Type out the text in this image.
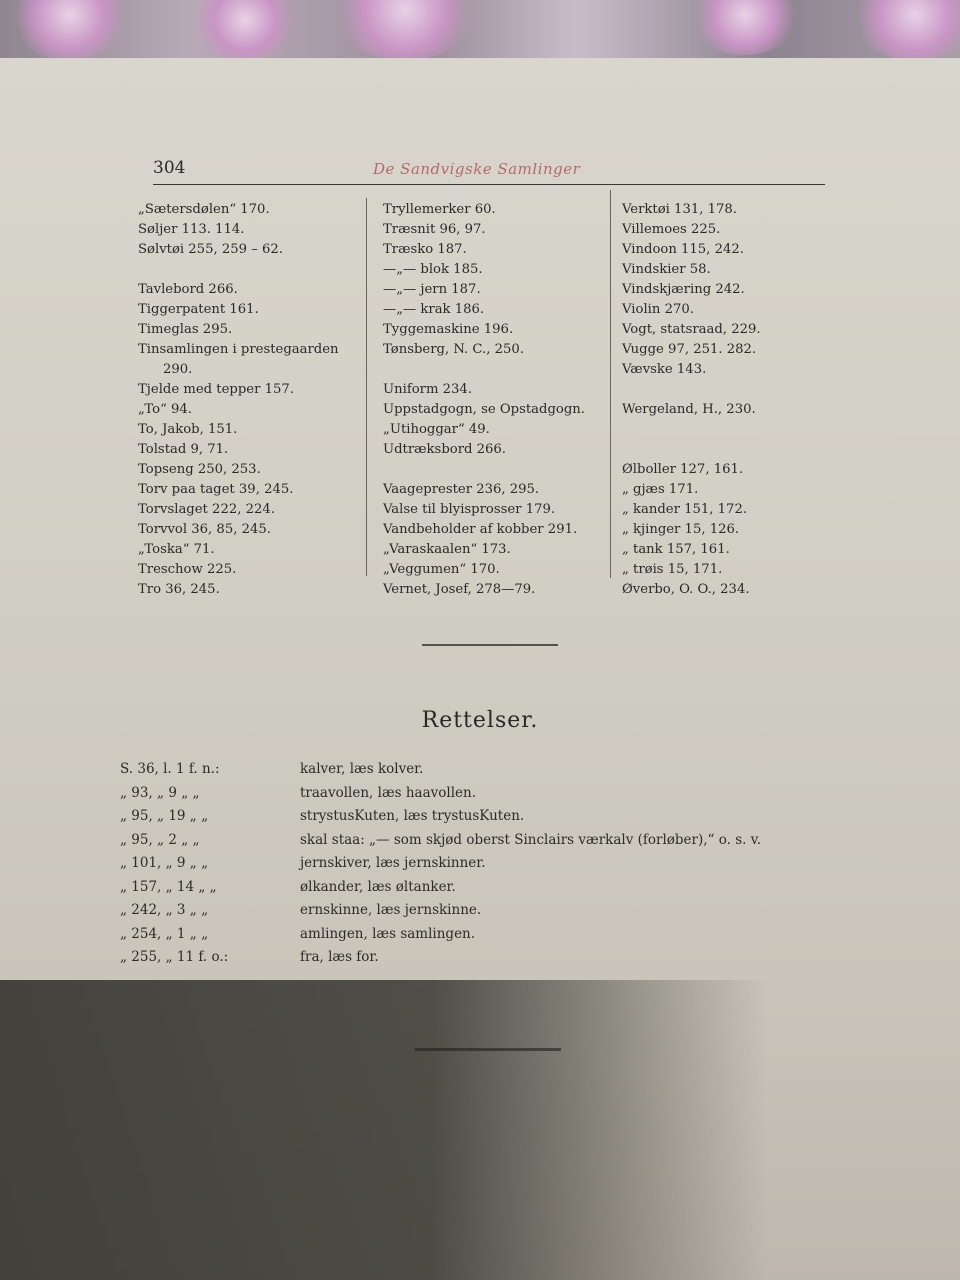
304	De Sandvigske Samlinger
„Sætersdølen“ 170.
Søljer 113. 114.
Sølvtøi 255, 259 – 62.
Tavlebord 266.
Tiggerpatent 161.
Timeglas 295.
Tinsamlingen i prestegaarden
290.
Tjelde med tepper 157.
„To“ 94.
To, Jakob, 151.
Tolstad 9, 71.
Topseng 250, 253.
Torv paa taget 39, 245.
Torvslaget 222, 224.
Torvvol 36, 85, 245.
„Toska“ 71.
Treschow 225.
Tro 36, 245.
Tryllemerker 60.
Træsnit 96, 97.
Træsko 187.
—„— blok 185.
—„— jern 187.
—„— krak 186.
Tyggemaskine 196.
Tønsberg, N. C., 250.
Uniform 234.
Uppstadgogn, se Opstadgogn.
„Utihoggar“ 49.
Udtræksbord 266.
Vaageprester 236, 295.
Valse til blyisprosser 179.
Vandbeholder af kobber 291.
„Varaskaalen“ 173.
„Veggumen“ 170.
Vernet, Josef, 278—79.
Verktøi 131, 178.
Villemoes 225.
Vindoon 115, 242.
Vindskier 58.
Vindskjæring 242.
Violin 270.
Vogt, statsraad, 229.
Vugge 97, 251. 282.
Vævske 143.
Wergeland, H., 230.
Ølboller 127, 161.
„ gjæs 171.
„ kander 151, 172.
„ kjinger 15, 126.
„ tank 157, 161.
„ trøis 15, 171.
Øverbo, O. O., 234.
Rettelser.
S. 36, l. 1 f. n.:	kalver, læs kolver.
„ 93, „ 9 „ „	traavollen, læs haavollen.
„ 95, „ 19 „ „	strystusKuten, læs trystusKuten.
„ 95, „ 2 „ „	skal staa: „— som skjød oberst Sinclairs værkalv (forløber),“ o. s. v.
„ 101, „ 9 „ „	jernskiver, læs jernskinner.
„ 157, „ 14 „ „	ølkander, læs øltanker.
„ 242, „ 3 „ „	ernskinne, læs jernskinne.
„ 254, „ 1 „ „	amlingen, læs samlingen.
„ 255, „ 11 f. o.:	fra, læs for.
